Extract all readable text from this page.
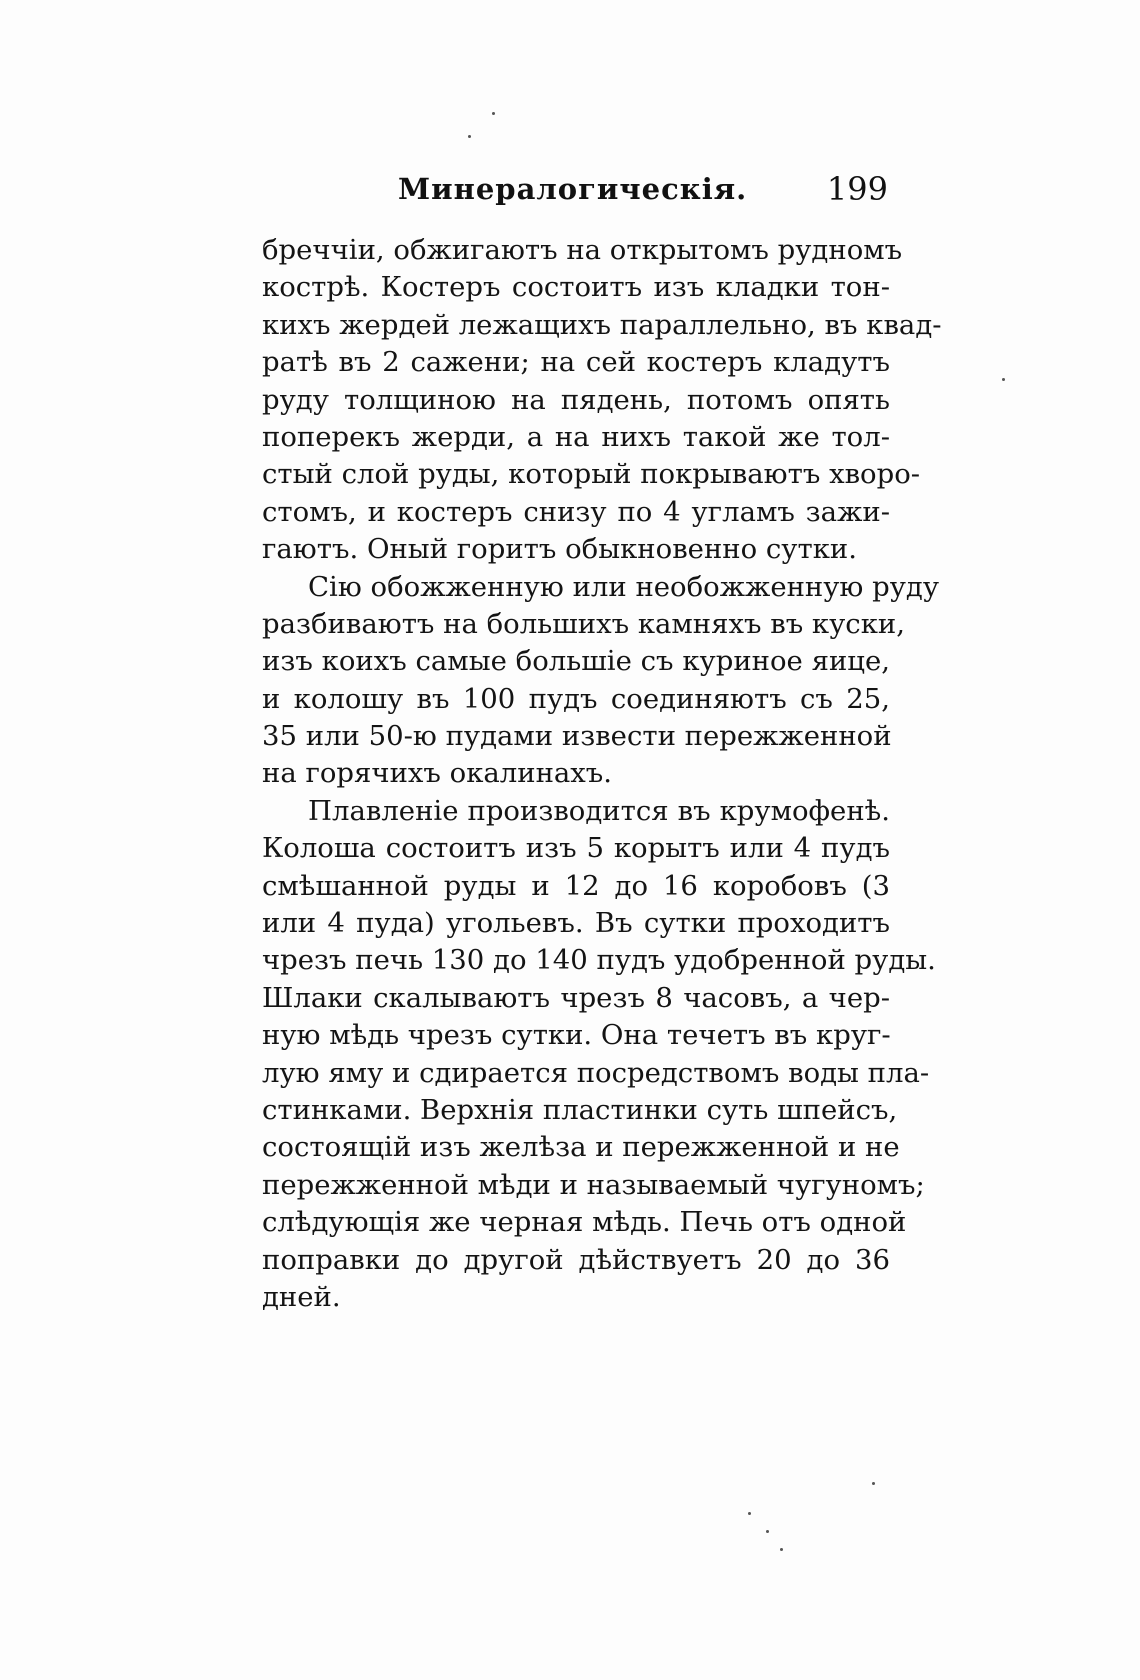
Минералогическія. 199
бреччіи, обжигаютъ на открытомъ рудномъ
кострѣ. Костеръ состоитъ изъ кладки тон-
кихъ жердей лежащихъ параллельно, въ квад-
ратѣ въ 2 сажени; на сей костеръ кладутъ
руду толщиною на пядень, потомъ опять
поперекъ жерди, а на нихъ такой же тол-
стый слой руды, который покрываютъ хворо-
стомъ, и костеръ снизу по 4 угламъ зажи-
гаютъ. Оный горитъ обыкновенно сутки.
Сію обожженную или необожженную руду
разбиваютъ на большихъ камняхъ въ куски,
изъ коихъ самые большіе съ куриное яице,
и колошу въ 100 пудъ соединяютъ съ 25,
35 или 50-ю пудами извести пережженной
на горячихъ окалинахъ.
Плавленіе производится въ крумофенѣ.
Колоша состоитъ изъ 5 корытъ или 4 пудъ
смѣшанной руды и 12 до 16 коробовъ (3
или 4 пуда) угольевъ. Въ сутки проходитъ
чрезъ печь 130 до 140 пудъ удобренной руды.
Шлаки скалываютъ чрезъ 8 часовъ, а чер-
ную мѣдь чрезъ сутки. Она течетъ въ круг-
лую яму и сдирается посредствомъ воды пла-
стинками. Верхнія пластинки суть шпейсъ,
состоящій изъ желѣза и пережженной и не
пережженной мѣди и называемый чугуномъ;
слѣдующія же черная мѣдь. Печь отъ одной
поправки до другой дѣйствуетъ 20 до 36
дней.
